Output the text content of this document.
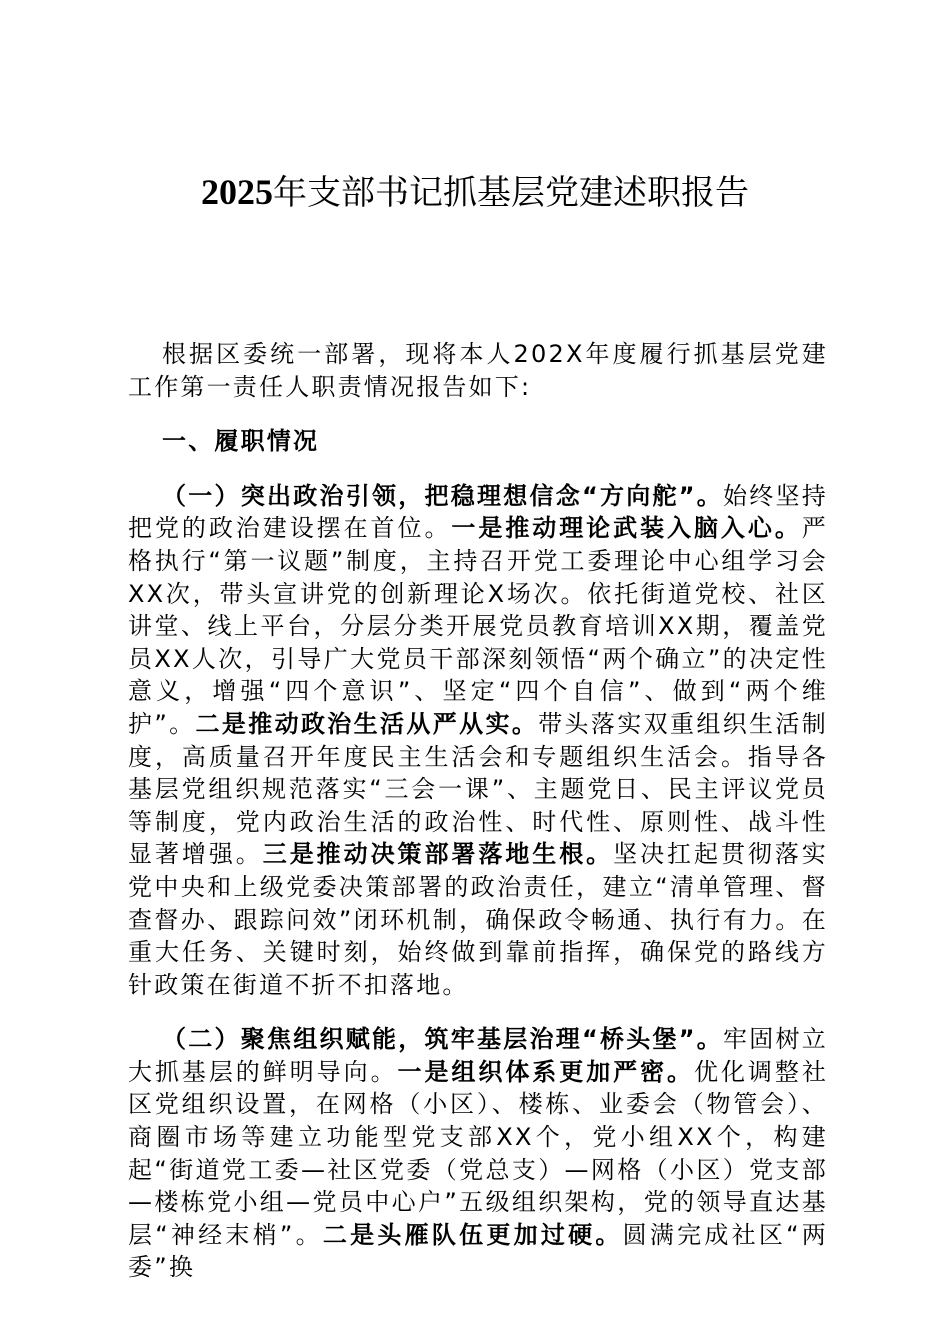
2025年支部书记抓基层党建述职报告

根据区委统一部署，现将本人202X年度履行抓基层党建工作第一责任人职责情况报告如下:

一、履职情况

（一）突出政治引领，把稳理想信念“方向舵”。始终坚持把党的政治建设摆在首位。一是推动理论武装入脑入心。严格执行“第一议题”制度，主持召开党工委理论中心组学习会XX次，带头宣讲党的创新理论X场次。依托街道党校、社区讲堂、线上平台，分层分类开展党员教育培训XX期，覆盖党员XX人次，引导广大党员干部深刻领悟“两个确立”的决定性意义，增强“四个意识”、坚定“四个自信”、做到“两个维护”。二是推动政治生活从严从实。带头落实双重组织生活制度，高质量召开年度民主生活会和专题组织生活会。指导各基层党组织规范落实“三会一课”、主题党日、民主评议党员等制度，党内政治生活的政治性、时代性、原则性、战斗性显著增强。三是推动决策部署落地生根。坚决扛起贯彻落实党中央和上级党委决策部署的政治责任，建立“清单管理、督查督办、跟踪问效”闭环机制，确保政令畅通、执行有力。在重大任务、关键时刻，始终做到靠前指挥，确保党的路线方针政策在街道不折不扣落地。

（二）聚焦组织赋能，筑牢基层治理“桥头堡”。牢固树立大抓基层的鲜明导向。一是组织体系更加严密。优化调整社区党组织设置，在网格（小区）、楼栋、业委会（物管会）、商圈市场等建立功能型党支部XX个，党小组XX个，构建起“街道党工委—社区党委（党总支）—网格（小区）党支部—楼栋党小组—党员中心户”五级组织架构，党的领导直达基层“神经末梢”。二是头雁队伍更加过硬。圆满完成社区“两委”换
